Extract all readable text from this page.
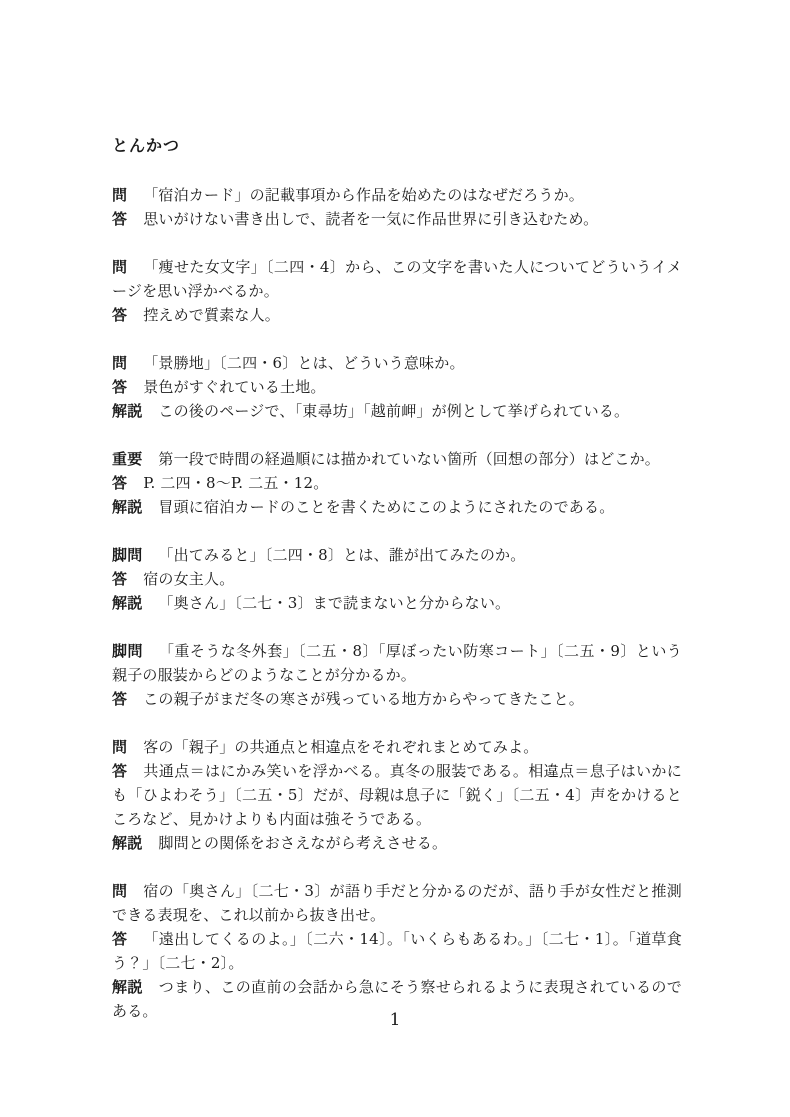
とんかつ

問 「宿泊カード」の記載事項から作品を始めたのはなぜだろうか。

答 思いがけない書き出しで、読者を一気に作品世界に引き込むため。

問 「痩せた女文字」〔二四・4〕から、この文字を書いた人についてどういうイメージを思い浮かべるか。

答 控えめで質素な人。

問 「景勝地」〔二四・6〕とは、どういう意味か。

答 景色がすぐれている土地。

解説 この後のページで、「東尋坊」「越前岬」が例として挙げられている。

重要 第一段で時間の経過順には描かれていない箇所（回想の部分）はどこか。

答 P. 二四・8〜P. 二五・12。

解説 冒頭に宿泊カードのことを書くためにこのようにされたのである。

脚問 「出てみると」〔二四・8〕とは、誰が出てみたのか。

答 宿の女主人。

解説 「奥さん」〔二七・3〕まで読まないと分からない。

脚問 「重そうな冬外套」〔二五・8〕「厚ぼったい防寒コート」〔二五・9〕という親子の服装からどのようなことが分かるか。

答 この親子がまだ冬の寒さが残っている地方からやってきたこと。

問 客の「親子」の共通点と相違点をそれぞれまとめてみよ。

答 共通点＝はにかみ笑いを浮かべる。真冬の服装である。相違点＝息子はいかにも「ひよわそう」〔二五・5〕だが、母親は息子に「鋭く」〔二五・4〕声をかけるところなど、見かけよりも内面は強そうである。

解説 脚問との関係をおさえながら考えさせる。

問 宿の「奥さん」〔二七・3〕が語り手だと分かるのだが、語り手が女性だと推測できる表現を、これ以前から抜き出せ。

答 「遠出してくるのよ。」〔二六・14〕。「いくらもあるわ。」〔二七・1〕。「道草食う？」〔二七・2〕。

解説 つまり、この直前の会話から急にそう察せられるように表現されているのである。	1
